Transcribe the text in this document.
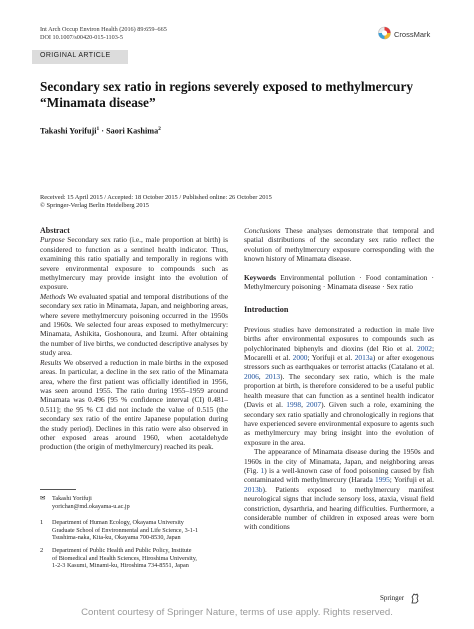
Int Arch Occup Environ Health (2016) 89:659–665
DOI 10.1007/s00420-015-1103-5	CrossMark
ORIGINAL ARTICLE
Secondary sex ratio in regions severely exposed to methylmercury
“Minamata disease”
Takashi Yorifuji$^1$ · Saori Kashima$^2$
Received: 15 April 2015 / Accepted: 18 October 2015 / Published online: 26 October 2015
© Springer-Verlag Berlin Heidelberg 2015
Abstract

Purpose Secondary sex ratio (i.e., male proportion at birth) is considered to function as a sentinel health indicator. Thus, examining this ratio spatially and temporally in regions with severe environmental exposure to compounds such as methylmercury may provide insight into the evolution of exposure.

Methods We evaluated spatial and temporal distributions of the secondary sex ratio in Minamata, Japan, and neighboring areas, where severe methylmercury poisoning occurred in the 1950s and 1960s. We selected four areas exposed to methylmercury: Minamata, Ashikita, Goshonoura, and Izumi. After obtaining the number of live births, we conducted descriptive analyses by study area.

Results We observed a reduction in male births in the exposed areas. In particular, a decline in the sex ratio of the Minamata area, where the first patient was officially identified in 1956, was seen around 1955. The ratio during 1955–1959 around Minamata was 0.496 [95 % confidence interval (CI) 0.481–0.511]; the 95 % CI did not include the value of 0.515 (the secondary sex ratio of the entire Japanese population during the study period). Declines in this ratio were also observed in other exposed areas around 1960, when acetaldehyde production (the origin of methylmercury) reached its peak.

✉ Takashi Yorifuji
yorichan@md.okayama-u.ac.jp
1 Department of Human Ecology, Okayama University
Graduate School of Environmental and Life Science, 3-1-1
Tsushima-naka, Kita-ku, Okayama 700-8530, Japan
2 Department of Public Health and Public Policy, Institute
of Biomedical and Health Sciences, Hiroshima University,
1-2-3 Kasumi, Minami-ku, Hiroshima 734-8551, Japan

Conclusions These analyses demonstrate that temporal and spatial distributions of the secondary sex ratio reflect the evolution of methylmercury exposure corresponding with the known history of Minamata disease.

Keywords Environmental pollution · Food contamination · Methylmercury poisoning · Minamata disease · Sex ratio

Introduction

Previous studies have demonstrated a reduction in male live births after environmental exposures to compounds such as polychlorinated biphenyls and dioxins (del Rio et al. 2002; Mocarelli et al. 2000; Yorifuji et al. 2013a) or after exogenous stressors such as earthquakes or terrorist attacks (Catalano et al. 2006, 2013). The secondary sex ratio, which is the male proportion at birth, is therefore considered to be a useful public health measure that can function as a sentinel health indicator (Davis et al. 1998, 2007). Given such a role, examining the secondary sex ratio spatially and chronologically in regions that have experienced severe environmental exposure to agents such as methylmercury may bring insight into the evolution of exposure in the area.

The appearance of Minamata disease during the 1950s and 1960s in the city of Minamata, Japan, and neighboring areas (Fig. 1) is a well-known case of food poisoning caused by fish contaminated with methylmercury (Harada 1995; Yorifuji et al. 2013b). Patients exposed to methylmercury manifest neurological signs that include sensory loss, ataxia, visual field constriction, dysarthria, and hearing difficulties. Furthermore, a considerable number of children in exposed areas were born with conditions

Springer
Content courtesy of Springer Nature, terms of use apply. Rights reserved.
